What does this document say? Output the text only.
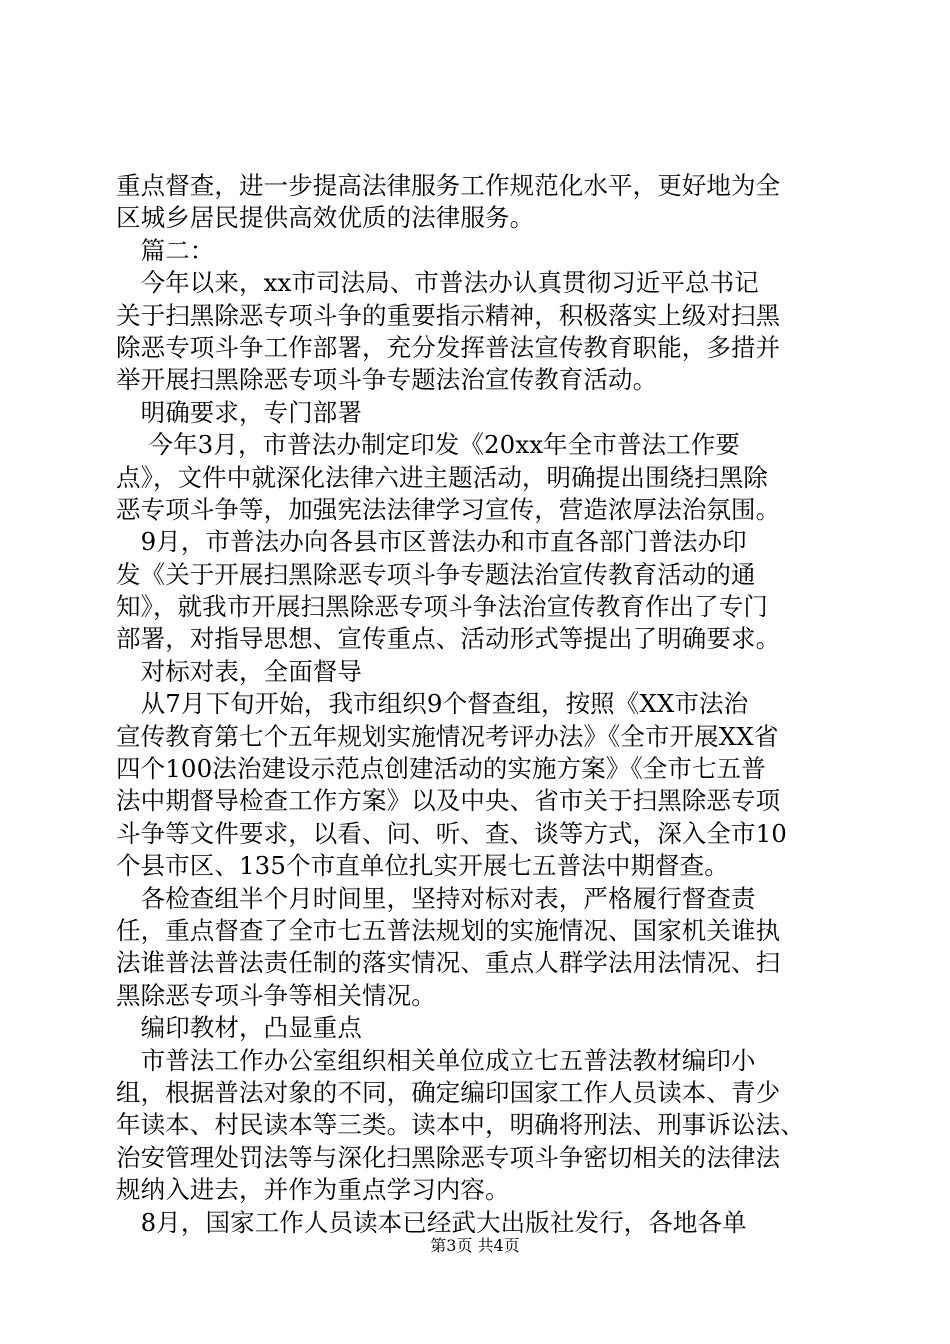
重点督查，进一步提高法律服务工作规范化水平，更好地为全
区城乡居民提供高效优质的法律服务。
　篇二：
　今年以来，xx市司法局、市普法办认真贯彻习近平总书记
关于扫黑除恶专项斗争的重要指示精神，积极落实上级对扫黑
除恶专项斗争工作部署，充分发挥普法宣传教育职能，多措并
举开展扫黑除恶专项斗争专题法治宣传教育活动。
　明确要求，专门部署
　 今年3月，市普法办制定印发《20xx年全市普法工作要
点》，文件中就深化法律六进主题活动，明确提出围绕扫黑除
恶专项斗争等，加强宪法法律学习宣传，营造浓厚法治氛围。
　9月，市普法办向各县市区普法办和市直各部门普法办印
发《关于开展扫黑除恶专项斗争专题法治宣传教育活动的通
知》，就我市开展扫黑除恶专项斗争法治宣传教育作出了专门
部署，对指导思想、宣传重点、活动形式等提出了明确要求。
　对标对表，全面督导
　从7月下旬开始，我市组织9个督查组，按照《XX市法治
宣传教育第七个五年规划实施情况考评办法》《全市开展XX省
四个100法治建设示范点创建活动的实施方案》《全市七五普
法中期督导检查工作方案》以及中央、省市关于扫黑除恶专项
斗争等文件要求，以看、问、听、查、谈等方式，深入全市10
个县市区、135个市直单位扎实开展七五普法中期督查。
　各检查组半个月时间里，坚持对标对表，严格履行督查责
任，重点督查了全市七五普法规划的实施情况、国家机关谁执
法谁普法普法责任制的落实情况、重点人群学法用法情况、扫
黑除恶专项斗争等相关情况。
　编印教材，凸显重点
　市普法工作办公室组织相关单位成立七五普法教材编印小
组，根据普法对象的不同，确定编印国家工作人员读本、青少
年读本、村民读本等三类。读本中，明确将刑法、刑事诉讼法、
治安管理处罚法等与深化扫黑除恶专项斗争密切相关的法律法
规纳入进去，并作为重点学习内容。
　8月，国家工作人员读本已经武大出版社发行，各地各单
第3页 共4页
